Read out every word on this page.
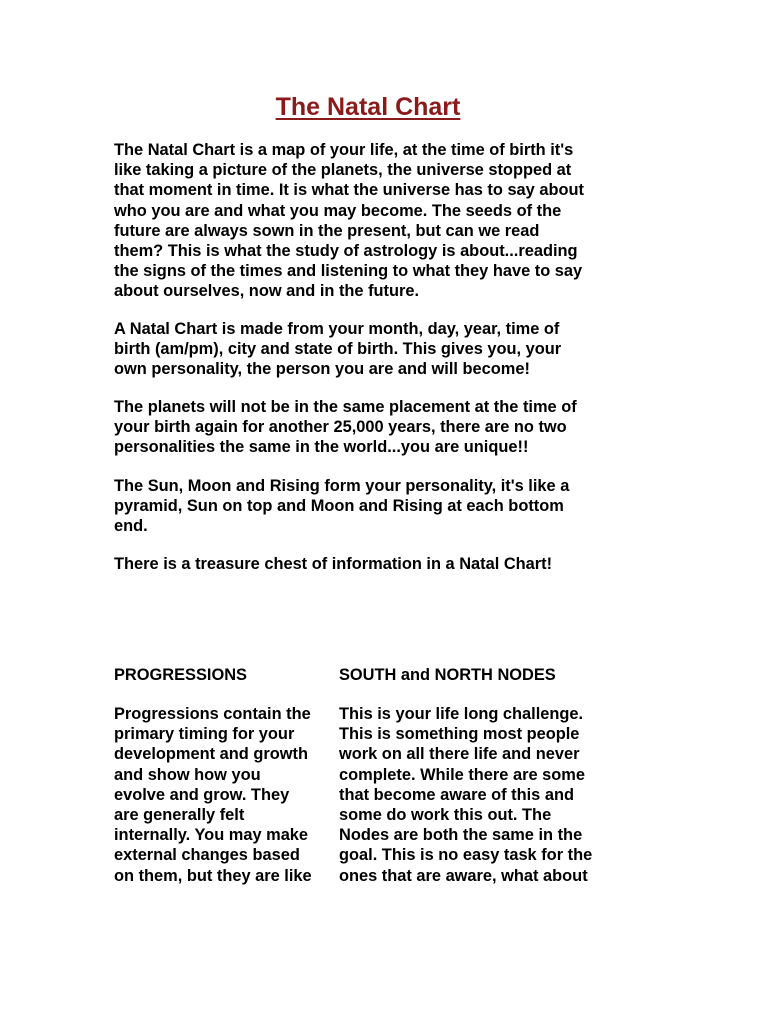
The Natal Chart

The Natal Chart is a map of your life, at the time of birth it's
like taking a picture of the planets, the universe stopped at
that moment in time. It is what the universe has to say about
who you are and what you may become. The seeds of the
future are always sown in the present, but can we read
them? This is what the study of astrology is about...reading
the signs of the times and listening to what they have to say
about ourselves, now and in the future.

A Natal Chart is made from your month, day, year, time of
birth (am/pm), city and state of birth. This gives you, your
own personality, the person you are and will become!

The planets will not be in the same placement at the time of
your birth again for another 25,000 years, there are no two
personalities the same in the world...you are unique!!

The Sun, Moon and Rising form your personality, it's like a
pyramid, Sun on top and Moon and Rising at each bottom
end.

There is a treasure chest of information in a Natal Chart!

PROGRESSIONS

Progressions contain the
primary timing for your
development and growth
and show how you
evolve and grow. They
are generally felt
internally. You may make
external changes based
on them, but they are like

SOUTH and NORTH NODES

This is your life long challenge.
This is something most people
work on all there life and never
complete. While there are some
that become aware of this and
some do work this out. The
Nodes are both the same in the
goal. This is no easy task for the
ones that are aware, what about
